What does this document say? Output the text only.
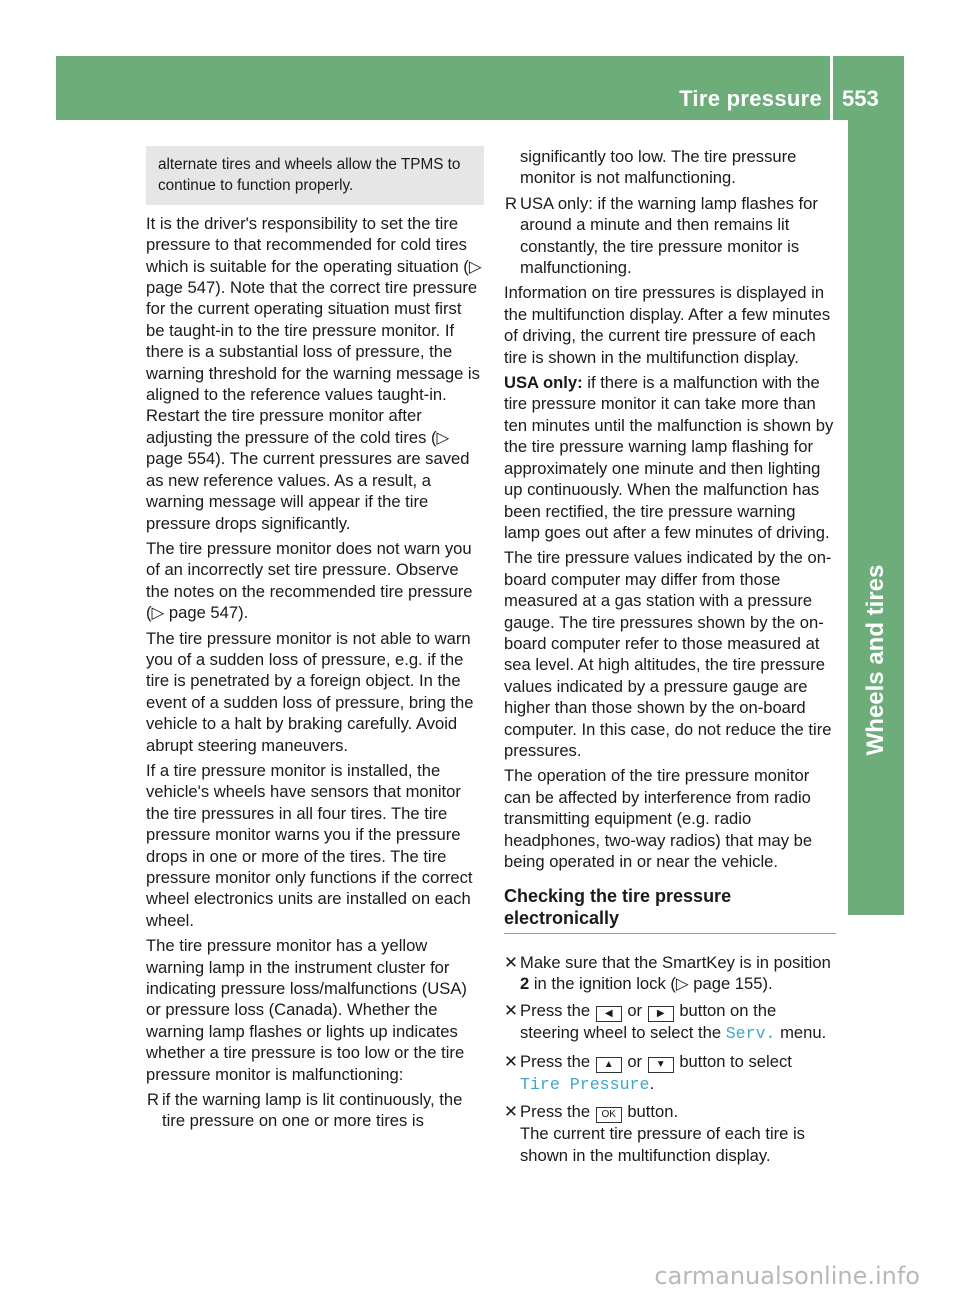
Tire pressure 553
Wheels and tires
alternate tires and wheels allow the TPMS to continue to function properly.

It is the driver's responsibility to set the tire pressure to that recommended for cold tires which is suitable for the operating situation (▷ page 547). Note that the correct tire pressure for the current operating situation must first be taught-in to the tire pressure monitor. If there is a substantial loss of pressure, the warning threshold for the warning message is aligned to the reference values taught-in. Restart the tire pressure monitor after adjusting the pressure of the cold tires (▷ page 554). The current pressures are saved as new reference values. As a result, a warning message will appear if the tire pressure drops significantly.

The tire pressure monitor does not warn you of an incorrectly set tire pressure. Observe the notes on the recommended tire pressure (▷ page 547).

The tire pressure monitor is not able to warn you of a sudden loss of pressure, e.g. if the tire is penetrated by a foreign object. In the event of a sudden loss of pressure, bring the vehicle to a halt by braking carefully. Avoid abrupt steering maneuvers.

If a tire pressure monitor is installed, the vehicle's wheels have sensors that monitor the tire pressures in all four tires. The tire pressure monitor warns you if the pressure drops in one or more of the tires. The tire pressure monitor only functions if the correct wheel electronics units are installed on each wheel.

The tire pressure monitor has a yellow warning lamp in the instrument cluster for indicating pressure loss/malfunctions (USA) or pressure loss (Canada). Whether the warning lamp flashes or lights up indicates whether a tire pressure is too low or the tire pressure monitor is malfunctioning:

R if the warning lamp is lit continuously, the tire pressure on one or more tires is
significantly too low. The tire pressure monitor is not malfunctioning.
R USA only: if the warning lamp flashes for around a minute and then remains lit constantly, the tire pressure monitor is malfunctioning.

Information on tire pressures is displayed in the multifunction display. After a few minutes of driving, the current tire pressure of each tire is shown in the multifunction display.

USA only: if there is a malfunction with the tire pressure monitor it can take more than ten minutes until the malfunction is shown by the tire pressure warning lamp flashing for approximately one minute and then lighting up continuously. When the malfunction has been rectified, the tire pressure warning lamp goes out after a few minutes of driving.

The tire pressure values indicated by the on-board computer may differ from those measured at a gas station with a pressure gauge. The tire pressures shown by the on-board computer refer to those measured at sea level. At high altitudes, the tire pressure values indicated by a pressure gauge are higher than those shown by the on-board computer. In this case, do not reduce the tire pressures.

The operation of the tire pressure monitor can be affected by interference from radio transmitting equipment (e.g. radio headphones, two-way radios) that may be being operated in or near the vehicle.

Checking the tire pressure electronically
✕ Make sure that the SmartKey is in position 2 in the ignition lock (▷ page 155).
✕ Press the ◀ or ▶ button on the steering wheel to select the Serv. menu.
✕ Press the ▲ or ▼ button to select Tire Pressure.
✕ Press the OK button.
The current tire pressure of each tire is shown in the multifunction display.
carmanualsonline.info
